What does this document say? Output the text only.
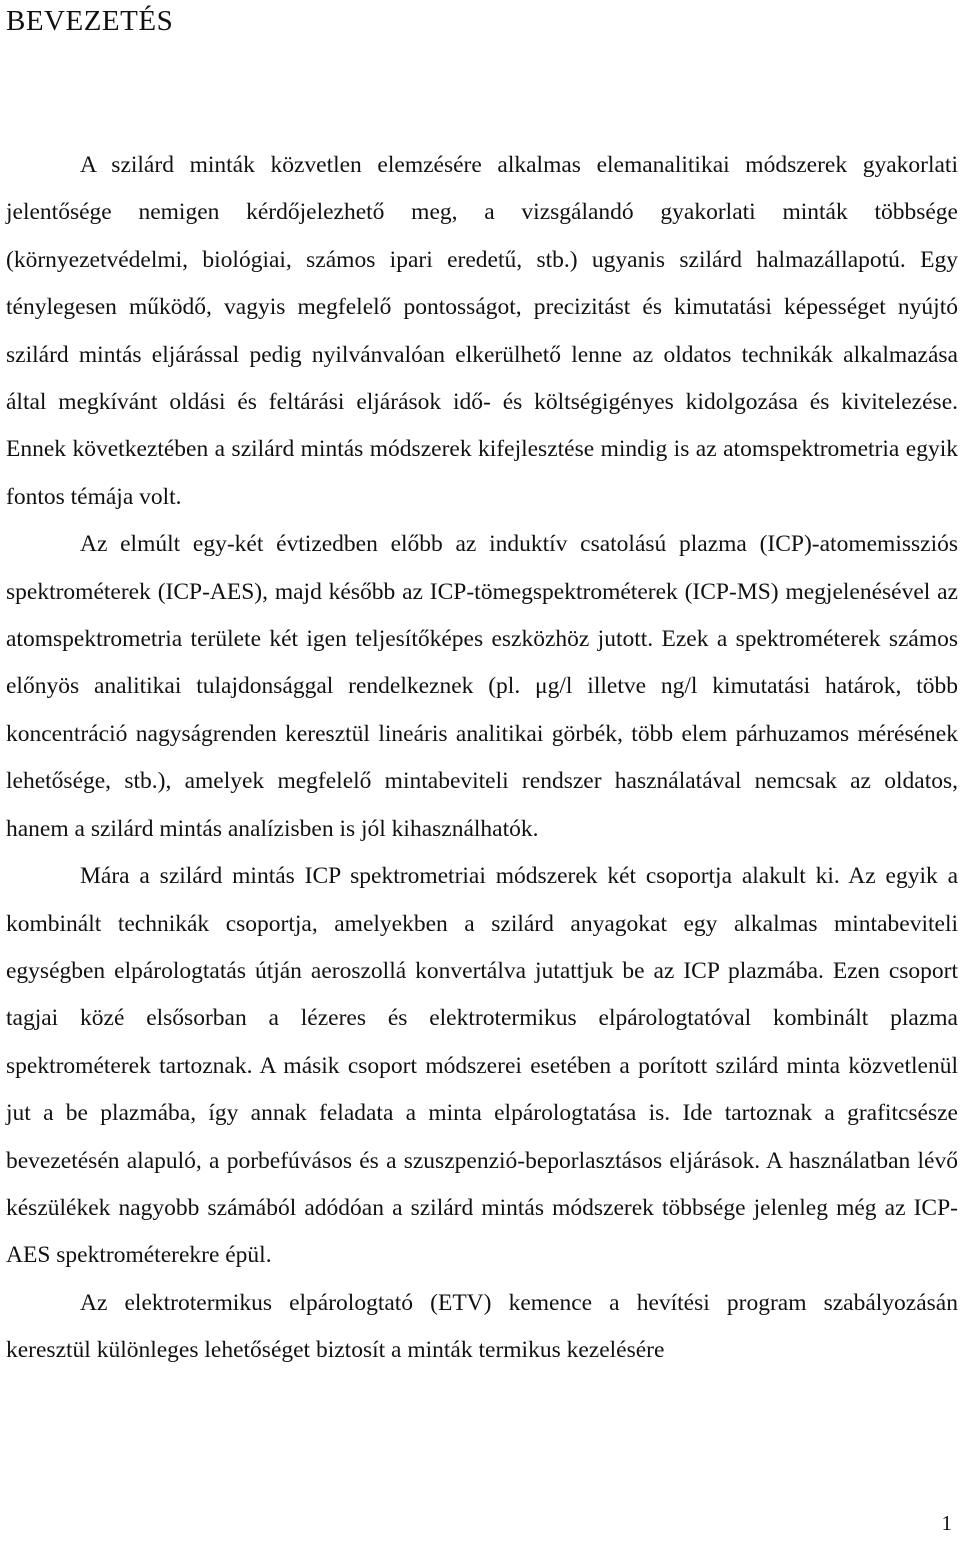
BEVEZETÉS

A szilárd minták közvetlen elemzésére alkalmas elemanalitikai módszerek gyakorlati jelentősége nemigen kérdőjelezhető meg, a vizsgálandó gyakorlati minták többsége (környezetvédelmi, biológiai, számos ipari eredetű, stb.) ugyanis szilárd halmazállapotú. Egy ténylegesen működő, vagyis megfelelő pontosságot, precizitást és kimutatási képességet nyújtó szilárd mintás eljárással pedig nyilvánvalóan elkerülhető lenne az oldatos technikák alkalmazása által megkívánt oldási és feltárási eljárások idő- és költségigényes kidolgozása és kivitelezése. Ennek következtében a szilárd mintás módszerek kifejlesztése mindig is az atomspektrometria egyik fontos témája volt.

Az elmúlt egy-két évtizedben előbb az induktív csatolású plazma (ICP)-atomemissziós spektrométerek (ICP-AES), majd később az ICP-tömegspektrométerek (ICP-MS) megjelenésével az atomspektrometria területe két igen teljesítőképes eszközhöz jutott. Ezek a spektrométerek számos előnyös analitikai tulajdonsággal rendelkeznek (pl. μg/l illetve ng/l kimutatási határok, több koncentráció nagyságrenden keresztül lineáris analitikai görbék, több elem párhuzamos mérésének lehetősége, stb.), amelyek megfelelő mintabeviteli rendszer használatával nemcsak az oldatos, hanem a szilárd mintás analízisben is jól kihasználhatók.

Mára a szilárd mintás ICP spektrometriai módszerek két csoportja alakult ki. Az egyik a kombinált technikák csoportja, amelyekben a szilárd anyagokat egy alkalmas mintabeviteli egységben elpárologtatás útján aeroszollá konvertálva jutattjuk be az ICP plazmába. Ezen csoport tagjai közé elsősorban a lézeres és elektrotermikus elpárologtatóval kombinált plazma spektrométerek tartoznak. A másik csoport módszerei esetében a porított szilárd minta közvetlenül jut a be plazmába, így annak feladata a minta elpárologtatása is. Ide tartoznak a grafitcsésze bevezetésén alapuló, a porbefúvásos és a szuszpenzió-beporlasztásos eljárások. A használatban lévő készülékek nagyobb számából adódóan a szilárd mintás módszerek többsége jelenleg még az ICP-AES spektrométerekre épül.

Az elektrotermikus elpárologtató (ETV) kemence a hevítési program szabályozásán keresztül különleges lehetőséget biztosít a minták termikus kezelésére

1
